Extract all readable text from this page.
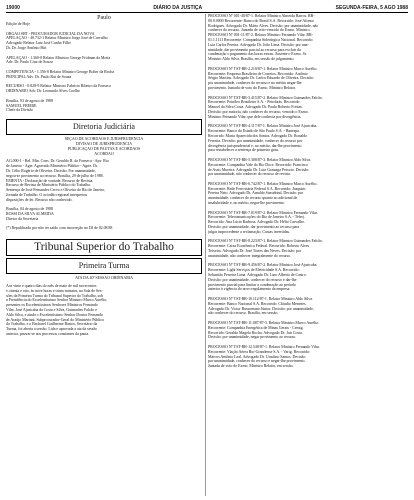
19000	DIÁRIO DA JUSTIÇA	SEGUNDA-FEIRA, 5 AGO 1988
Paulo
Edição de Hoje
ORGÃO SRT - PROCURADOR JUDICIAL DA NOVA
APELAÇÃO - 40.732-1 Relator Ministro Jorge José de Carvalho
Advogado Relator Luiz José Cunha Filho
Dr. Dr. Jorge Antônio Bitt
APELAÇÃO - 1.360-0 Relator Ministro George Fridman da Motta
Adv. Dr. Paulo Cruz de Souza
COMPETÊNCIA - 1.356-0 Relator Ministro George Bolter da Rocha
PRINCIPAL Adv. Dr. Paulo Rui de Souza
RECURSO - 0.828-9 Relator Ministro Fabrício Ribeiro da Fonseca
ORDINÁRIO Adv. Dr. Leonardo Alves Coelho
Brasília, 03 de agosto de 1988
SAMUEL FREIRE
Chefe da Divisão
Diretoria Judiciária
SEÇÃO DE ACÓRDÃOS E JURISPRUDÊNCIA
DIVISÃO DE JURISPRUDÊNCIA
PUBLICAÇÃO DE PAUTAS E ACÓRDÃOS
ACÓRDÃO
AG.000-1 - Rel. Min. Cons. Dr. Geraldo R. da Fonseca - Apv. Rio
de Janeiro - Agte. Agravado Ministério Público - Agrte. Dr.
Dr. Célio Rogério de Oliveira. Decisão: Por unanimidade,
negou-se provimento ao recurso. Brasília, 29 de julho de 1988.
EMENTA - Declaração de vontade. Recurso de Revista.
Recurso de Revista de Ministério Público do Trabalho.
Sentença de José Fernandes Cervo e Oliveira do Rio de Janeiro,
Jornada de Trabalho. O acórdão regional interpretou
disposições de lei. Recurso não conhecido.
Brasília, 04 de agosto de 1988
ROSSI DA SILVA ALMEIDA
Diretor da Secretaria
(*) Republicado por não ter saído com incorreção no DJ de 02.08.88
Tribunal Superior do Trabalho
Primeira Turma
ATA DA 40ª SESSÃO ORDINÁRIA
Aos vinte e quatro dias do mês de maio de mil novecentos
e oitenta e oito, às nove horas e trinta minutos, na Sala de Ses-
sões da Primeira Turma do Tribunal Superior do Trabalho, sob
a Presidência do Excelentíssimo Senhor Ministro Marco Aurélio,
presentes os Excelentíssimos Senhores Ministros Fernando
Vilar, José Ajuricaba da Costa e Silva, Guimarães Falcão e
Aldo Silva, e ainda o Excelentíssimo Senhor Doutor Fernando
de Araújo Mariani, Subprocurador-Geral do Ministério Público
do Trabalho, e o Bacharel Guilherme Bastos, Secretário da
Turma, foi aberta a sessão. Lida e aprovada a ata da sessão
anterior, passou-se aos processos constantes da pauta.
PROCESSO Nº 001-40/87-1. Relator Ministro Almeida Barros. RR-
00.0.0000 Recorrente: Banco do Brasil S.A. Recorrido: José Afonso
Rodrigues. Advogado Dr. Mário Alves. Decisão: por unanimidade, não
conhecer do recurso. Juntada de voto-vencido do Exmo. Ministro.
PROCESSO Nº 001-11/87-2. Relator Ministro Fernando Vilar. RR-
01.1.1111 Recorrente: Companhia Siderúrgica Nacional. Recorrido:
Luiz Carlos Pereira. Advogado Dr. João Lima. Decisão: por una-
nimidade, dar provimento parcial ao recurso para excluir da
condenação o pagamento das horas extras. Ausente o Exmo. Sr.
Ministro Aldo Silva. Brasília, em sessão de julgamento.
PROCESSO Nº TST-RR-2.210/87-1. Relator Ministro Marco Aurélio.
Recorrente: Empresa Brasileira de Correios. Recorrido: Antônio
Sérgio Martins. Advogado Dr. Carlos Eduardo de Oliveira. Decisão:
por unanimidade, conhecer do recurso e no mérito negar-lhe
provimento. Juntada de voto do Exmo. Ministro Relator.
PROCESSO Nº TST-RR-3.415/87-2. Relator Ministro Guimarães Falcão.
Recorrente: Petróleo Brasileiro S.A. - Petrobrás. Recorrido:
Manoel da Silva Costa. Advogado Dr. Paulo Roberto Freitas.
Decisão: por maioria, não conhecer do recurso, vencido o Exmo.
Ministro Fernando Vilar, que dele conhecia por divergência.
PROCESSO Nº TST-RR-4.117/87-1. Relator Ministro José Ajuricaba.
Recorrente: Banco do Estado de São Paulo S.A. - Banespa.
Recorrido: Maria Aparecida dos Santos. Advogado Dr. Ronaldo
Ferreira. Decisão: por unanimidade, conhecer do recurso por
divergência jurisprudencial e, no mérito, dar-lhe provimento
para restabelecer a sentença de primeiro grau.
PROCESSO Nº TST-RR-5.308/87-3. Relator Ministro Aldo Silva.
Recorrente: Companhia Vale do Rio Doce. Recorrido: Francisco
de Assis Moreira. Advogado Dr. Luiz Gonzaga Peixoto. Decisão:
por unanimidade, não conhecer do recurso de revista.
PROCESSO Nº TST-RR-6.742/87-1. Relator Ministro Marco Aurélio.
Recorrente: Rede Ferroviária Federal S.A. Recorrido: Joaquim
Pereira Neto. Advogado Dr. Arnaldo Sussekind. Decisão: por
unanimidade, conhecer do recurso quanto ao adicional de
insalubridade e, no mérito, negar-lhe provimento.
PROCESSO Nº TST-RR-7.019/87-2. Relator Ministro Fernando Vilar.
Recorrente: Telecomunicações do Rio de Janeiro S.A. - Telerj.
Recorrido: Ana Lúcia Barbosa. Advogado Dr. Hélio Carvalho.
Decisão: por unanimidade, dar provimento ao recurso para
julgar improcedente a reclamação. Custas invertidas.
PROCESSO Nº TST-RR-8.223/87-1. Relator Ministro Guimarães Falcão.
Recorrente: Caixa Econômica Federal. Recorrido: Roberto Alves
Teixeira. Advogado Dr. José Torres das Neves. Decisão: por
unanimidade, não conhecer integralmente do recurso.
PROCESSO Nº TST-RR-9.456/87-2. Relator Ministro José Ajuricaba.
Recorrente: Light Serviços de Eletricidade S.A. Recorrido:
Sebastião Ferreira Lima. Advogado Dr. Lino Alberto de Castro.
Decisão: por unanimidade, conhecer do recurso e dar-lhe
provimento parcial para limitar a condenação ao período
anterior à vigência do novo regulamento da empresa.
PROCESSO Nº TST-RR-10.112/87-1. Relator Ministro Aldo Silva.
Recorrente: Banco Nacional S.A. Recorrido: Cláudio Menezes.
Advogado Dr. Victor Russomano Júnior. Decisão: por unanimidade,
não conhecer do recurso. Brasília, em sessão.
PROCESSO Nº TST-RR-11.087/87-3. Relator Ministro Marco Aurélio.
Recorrente: Companhia Energética de Minas Gerais - Cemig.
Recorrido: Geraldo Magela Rocha. Advogado Dr. Jair Costa.
Decisão: por unanimidade, negar provimento ao recurso.
PROCESSO Nº TST-RR-12.540/87-1. Relator Ministro Fernando Vilar.
Recorrente: Viação Aérea Rio-Grandense S.A. - Varig. Recorrido:
Marcos Antônio Leal. Advogado Dr. Ursulino Santos. Decisão:
por unanimidade, conhecer do recurso e negar-lhe provimento.
Juntada de voto do Exmo. Ministro Relator, em sessão.
